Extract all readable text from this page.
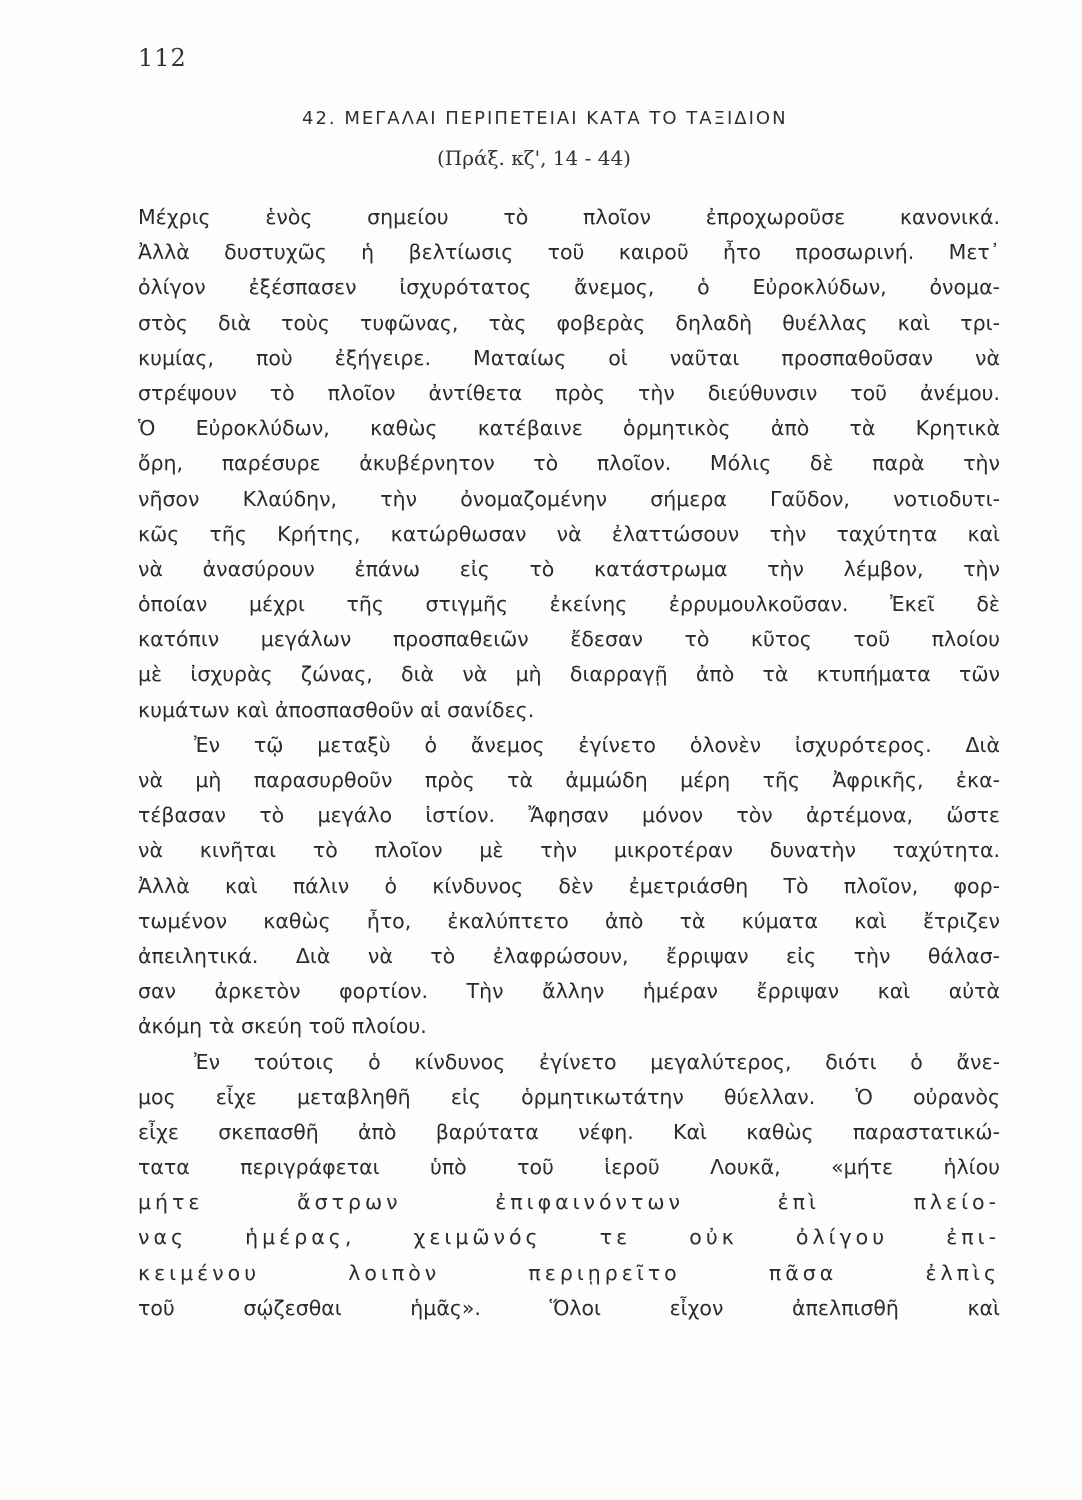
112
42. ΜΕΓΑΛΑΙ ΠΕΡΙΠΕΤΕΙΑΙ ΚΑΤΑ ΤΟ ΤΑΞΙΔΙΟΝ
(Πράξ. κζ', 14 - 44)
Μέχρις ἑνὸς σημείου τὸ πλοῖον ἐπροχωροῦσε κανονικά.
Ἀλλὰ δυστυχῶς ἡ βελτίωσις τοῦ καιροῦ ἦτο προσωρινή. Μετ᾽
ὀλίγον ἐξέσπασεν ἰσχυρότατος ἄνεμος, ὁ Εὐροκλύδων, ὀνομα-
στὸς διὰ τοὺς τυφῶνας, τὰς φοβερὰς δηλαδὴ θυέλλας καὶ τρι-
κυμίας, ποὺ ἐξήγειρε. Ματαίως οἱ ναῦται προσπαθοῦσαν νὰ
στρέψουν τὸ πλοῖον ἀντίθετα πρὸς τὴν διεύθυνσιν τοῦ ἀνέμου.
Ὁ Εὐροκλύδων, καθὼς κατέβαινε ὁρμητικὸς ἀπὸ τὰ Κρητικὰ
ὄρη, παρέσυρε ἀκυβέρνητον τὸ πλοῖον. Μόλις δὲ παρὰ τὴν
νῆσον Κλαύδην, τὴν ὀνομαζομένην σήμερα Γαῦδον, νοτιοδυτι-
κῶς τῆς Κρήτης, κατώρθωσαν νὰ ἐλαττώσουν τὴν ταχύτητα καὶ
νὰ ἀνασύρουν ἐπάνω εἰς τὸ κατάστρωμα τὴν λέμβον, τὴν
ὁποίαν μέχρι τῆς στιγμῆς ἐκείνης ἐρρυμουλκοῦσαν. Ἐκεῖ δὲ
κατόπιν μεγάλων προσπαθειῶν ἔδεσαν τὸ κῦτος τοῦ πλοίου
μὲ ἰσχυρὰς ζώνας, διὰ νὰ μὴ διαρραγῇ ἀπὸ τὰ κτυπήματα τῶν
κυμάτων καὶ ἀποσπασθοῦν αἱ σανίδες.
Ἐν τῷ μεταξὺ ὁ ἄνεμος ἐγίνετο ὁλονὲν ἰσχυρότερος. Διὰ
νὰ μὴ παρασυρθοῦν πρὸς τὰ ἀμμώδη μέρη τῆς Ἀφρικῆς, ἐκα-
τέβασαν τὸ μεγάλο ἱστίον. Ἄφησαν μόνον τὸν ἀρτέμονα, ὥστε
νὰ κινῆται τὸ πλοῖον μὲ τὴν μικροτέραν δυνατὴν ταχύτητα.
Ἀλλὰ καὶ πάλιν ὁ κίνδυνος δὲν ἐμετριάσθη Τὸ πλοῖον, φορ-
τωμένον καθὼς ἦτο, ἐκαλύπτετο ἀπὸ τὰ κύματα καὶ ἔτριζεν
ἀπειλητικά. Διὰ νὰ τὸ ἐλαφρώσουν, ἔρριψαν εἰς τὴν θάλασ-
σαν ἀρκετὸν φορτίον. Τὴν ἄλλην ἡμέραν ἔρριψαν καὶ αὐτὰ
ἀκόμη τὰ σκεύη τοῦ πλοίου.
Ἐν τούτοις ὁ κίνδυνος ἐγίνετο μεγαλύτερος, διότι ὁ ἄνε-
μος εἶχε μεταβληθῆ εἰς ὁρμητικωτάτην θύελλαν. Ὁ οὐρανὸς
εἶχε σκεπασθῆ ἀπὸ βαρύτατα νέφη. Καὶ καθὼς παραστατικώ-
τατα περιγράφεται ὑπὸ τοῦ ἱεροῦ Λουκᾶ, «μήτε ἡλίου
μήτε ἄστρων ἐπιφαινόντων ἐπὶ πλείο-
νας ἡμέρας, χειμῶνός τε οὐκ ὀλίγου ἐπι-
κειμένου λοιπὸν περιῃρεῖτο πᾶσα ἐλπὶς
τοῦ σῴζεσθαι ἡμᾶς». Ὅλοι εἶχον ἀπελπισθῆ καὶ
